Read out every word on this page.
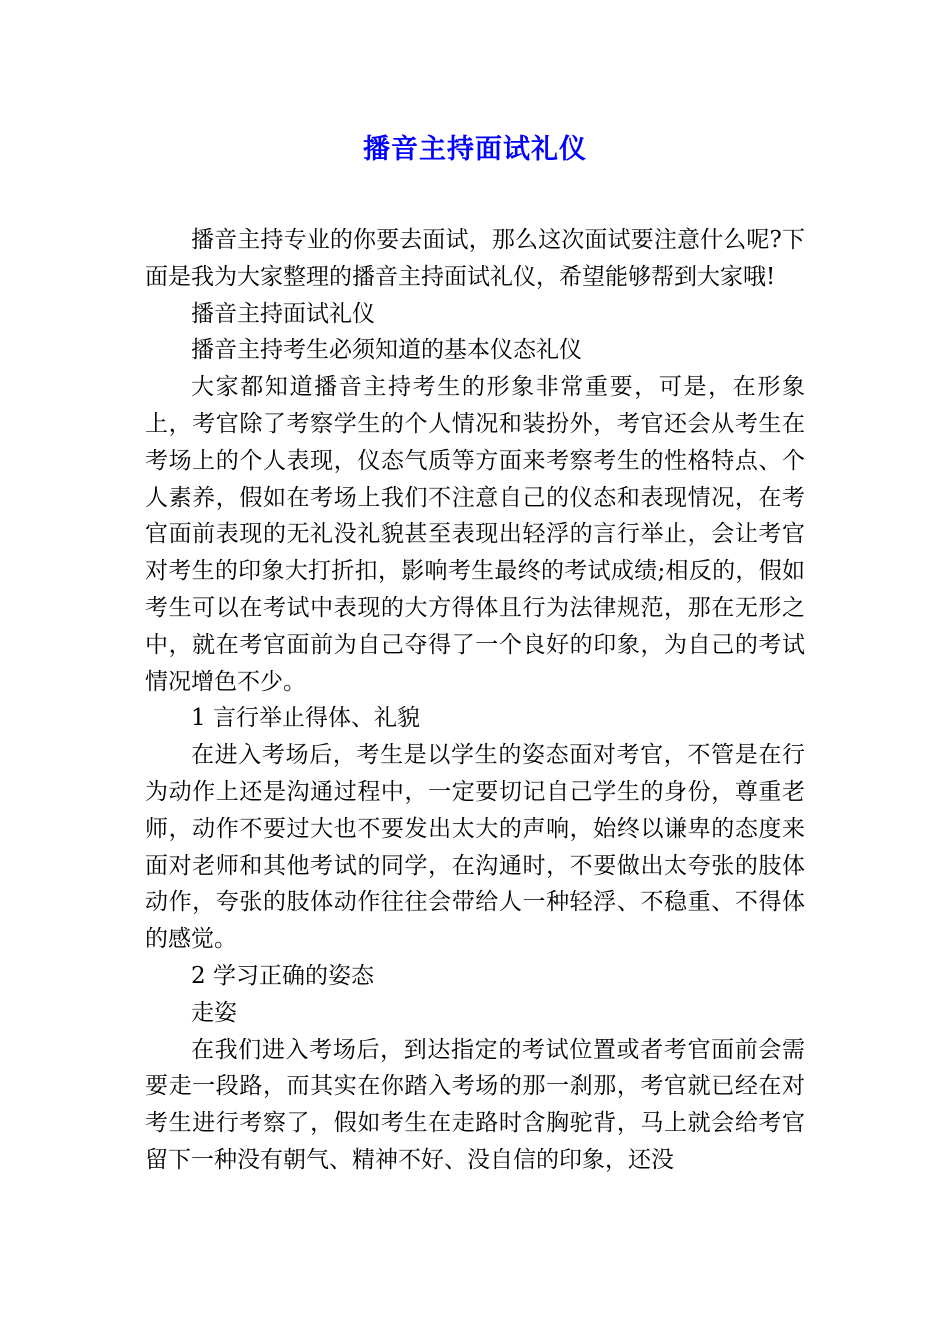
播音主持面试礼仪

播音主持专业的你要去面试，那么这次面试要注意什么呢?下面是我为大家整理的播音主持面试礼仪，希望能够帮到大家哦!

播音主持面试礼仪

播音主持考生必须知道的基本仪态礼仪

大家都知道播音主持考生的形象非常重要，可是，在形象上，考官除了考察学生的个人情况和装扮外，考官还会从考生在考场上的个人表现，仪态气质等方面来考察考生的性格特点、个人素养，假如在考场上我们不注意自己的仪态和表现情况，在考官面前表现的无礼没礼貌甚至表现出轻浮的言行举止，会让考官对考生的印象大打折扣，影响考生最终的考试成绩;相反的，假如考生可以在考试中表现的大方得体且行为法律规范，那在无形之中，就在考官面前为自己夺得了一个良好的印象，为自己的考试情况增色不少。

1 言行举止得体、礼貌

在进入考场后，考生是以学生的姿态面对考官，不管是在行为动作上还是沟通过程中，一定要切记自己学生的身份，尊重老师，动作不要过大也不要发出太大的声响，始终以谦卑的态度来面对老师和其他考试的同学，在沟通时，不要做出太夸张的肢体动作，夸张的肢体动作往往会带给人一种轻浮、不稳重、不得体的感觉。

2 学习正确的姿态

走姿

在我们进入考场后，到达指定的考试位置或者考官面前会需要走一段路，而其实在你踏入考场的那一刹那，考官就已经在对考生进行考察了，假如考生在走路时含胸驼背，马上就会给考官留下一种没有朝气、精神不好、没自信的印象，还没
